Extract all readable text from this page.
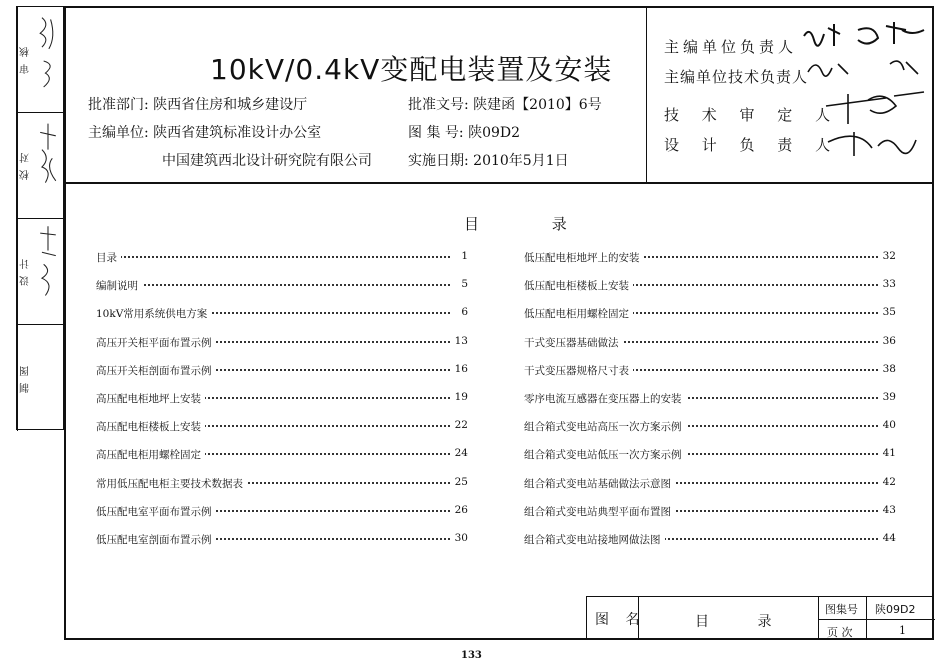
审 核
校 对
设 计
制 图
10kV/0.4kV变配电装置及安装
批准部门: 陕西省住房和城乡建设厅
主编单位: 陕西省建筑标准设计办公室
中国建筑西北设计研究院有限公司
批准文号: 陕建函【2010】6号
图 集 号: 陕09D2
实施日期: 2010年5月1日
主编单位负责人
主编单位技术负责人
技 术 审 定 人
设 计 负 责 人
目 录
目录	1
编制说明	5
10kV常用系统供电方案	6
高压开关柜平面布置示例	13
高压开关柜剖面布置示例	16
高压配电柜地坪上安装	19
高压配电柜楼板上安装	22
高压配电柜用螺栓固定	24
常用低压配电柜主要技术数据表	25
低压配电室平面布置示例	26
低压配电室剖面布置示例	30
低压配电柜地坪上的安装	32
低压配电柜楼板上安装	33
低压配电柜用螺栓固定	35
干式变压器基础做法	36
干式变压器规格尺寸表	38
零序电流互感器在变压器上的安装	39
组合箱式变电站高压一次方案示例	40
组合箱式变电站低压一次方案示例	41
组合箱式变电站基础做法示意图	42
组合箱式变电站典型平面布置图	43
组合箱式变电站接地网做法图	44
图 名	目 录
图集号 陕09D2
页 次	1
133
